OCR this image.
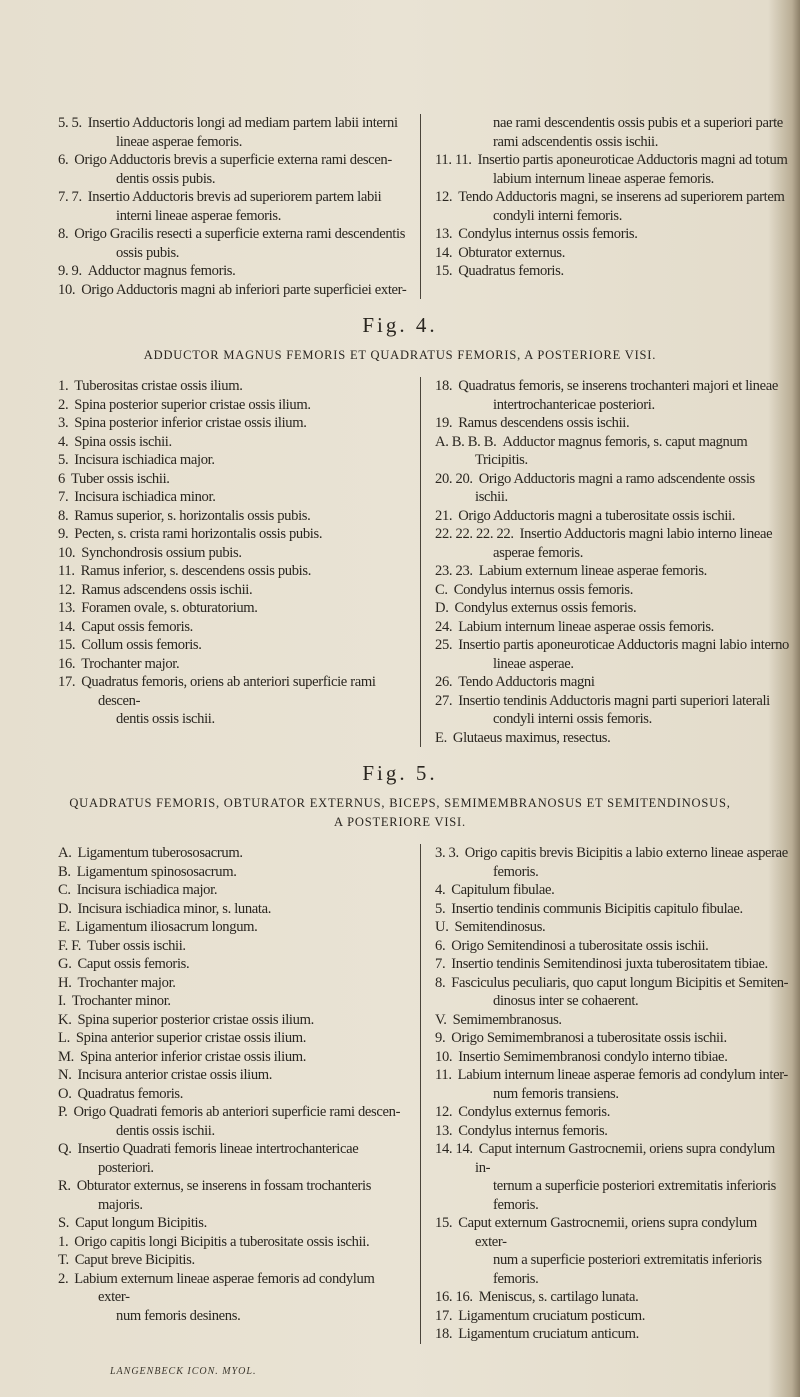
5. 5. Insertio Adductoris longi ad mediam partem labii interni
lineae asperae femoris.
6. Origo Adductoris brevis a superficie externa rami descen-
dentis ossis pubis.
7. 7. Insertio Adductoris brevis ad superiorem partem labii
interni lineae asperae femoris.
8. Origo Gracilis resecti a superficie externa rami descendentis
ossis pubis.
9. 9. Adductor magnus femoris.
10. Origo Adductoris magni ab inferiori parte superficiei exter-
nae rami descendentis ossis pubis et a superiori parte
rami adscendentis ossis ischii.
11. 11. Insertio partis aponeuroticae Adductoris magni ad totum
labium internum lineae asperae femoris.
12. Tendo Adductoris magni, se inserens ad superiorem partem
condyli interni femoris.
13. Condylus internus ossis femoris.
14. Obturator externus.
15. Quadratus femoris.
Fig. 4.
ADDUCTOR MAGNUS FEMORIS ET QUADRATUS FEMORIS, A POSTERIORE VISI.
1. Tuberositas cristae ossis ilium.
2. Spina posterior superior cristae ossis ilium.
3. Spina posterior inferior cristae ossis ilium.
4. Spina ossis ischii.
5. Incisura ischiadica major.
6 Tuber ossis ischii.
7. Incisura ischiadica minor.
8. Ramus superior, s. horizontalis ossis pubis.
9. Pecten, s. crista rami horizontalis ossis pubis.
10. Synchondrosis ossium pubis.
11. Ramus inferior, s. descendens ossis pubis.
12. Ramus adscendens ossis ischii.
13. Foramen ovale, s. obturatorium.
14. Caput ossis femoris.
15. Collum ossis femoris.
16. Trochanter major.
17. Quadratus femoris, oriens ab anteriori superficie rami descen-
dentis ossis ischii.
18. Quadratus femoris, se inserens trochanteri majori et lineae
intertrochantericae posteriori.
19. Ramus descendens ossis ischii.
A. B. B. B. Adductor magnus femoris, s. caput magnum Tricipitis.
20. 20. Origo Adductoris magni a ramo adscendente ossis ischii.
21. Origo Adductoris magni a tuberositate ossis ischii.
22. 22. 22. 22. Insertio Adductoris magni labio interno lineae
asperae femoris.
23. 23. Labium externum lineae asperae femoris.
C. Condylus internus ossis femoris.
D. Condylus externus ossis femoris.
24. Labium internum lineae asperae ossis femoris.
25. Insertio partis aponeuroticae Adductoris magni labio interno
lineae asperae.
26. Tendo Adductoris magni
27. Insertio tendinis Adductoris magni parti superiori laterali
condyli interni ossis femoris.
E. Glutaeus maximus, resectus.
Fig. 5.
QUADRATUS FEMORIS, OBTURATOR EXTERNUS, BICEPS, SEMIMEMBRANOSUS ET SEMITENDINOSUS,
A POSTERIORE VISI.
A. Ligamentum tuberososacrum.
B. Ligamentum spinososacrum.
C. Incisura ischiadica major.
D. Incisura ischiadica minor, s. lunata.
E. Ligamentum iliosacrum longum.
F. F. Tuber ossis ischii.
G. Caput ossis femoris.
H. Trochanter major.
I. Trochanter minor.
K. Spina superior posterior cristae ossis ilium.
L. Spina anterior superior cristae ossis ilium.
M. Spina anterior inferior cristae ossis ilium.
N. Incisura anterior cristae ossis ilium.
O. Quadratus femoris.
P. Origo Quadrati femoris ab anteriori superficie rami descen-
dentis ossis ischii.
Q. Insertio Quadrati femoris lineae intertrochantericae posteriori.
R. Obturator externus, se inserens in fossam trochanteris majoris.
S. Caput longum Bicipitis.
1. Origo capitis longi Bicipitis a tuberositate ossis ischii.
T. Caput breve Bicipitis.
2. Labium externum lineae asperae femoris ad condylum exter-
num femoris desinens.
3. 3. Origo capitis brevis Bicipitis a labio externo lineae asperae
femoris.
4. Capitulum fibulae.
5. Insertio tendinis communis Bicipitis capitulo fibulae.
U. Semitendinosus.
6. Origo Semitendinosi a tuberositate ossis ischii.
7. Insertio tendinis Semitendinosi juxta tuberositatem tibiae.
8. Fasciculus peculiaris, quo caput longum Bicipitis et Semiten-
dinosus inter se cohaerent.
V. Semimembranosus.
9. Origo Semimembranosi a tuberositate ossis ischii.
10. Insertio Semimembranosi condylo interno tibiae.
11. Labium internum lineae asperae femoris ad condylum inter-
num femoris transiens.
12. Condylus externus femoris.
13. Condylus internus femoris.
14. 14. Caput internum Gastrocnemii, oriens supra condylum in-
ternum a superficie posteriori extremitatis inferioris femoris.
15. Caput externum Gastrocnemii, oriens supra condylum exter-
num a superficie posteriori extremitatis inferioris femoris.
16. 16. Meniscus, s. cartilago lunata.
17. Ligamentum cruciatum posticum.
18. Ligamentum cruciatum anticum.
LANGENBECK ICON. MYOL.
